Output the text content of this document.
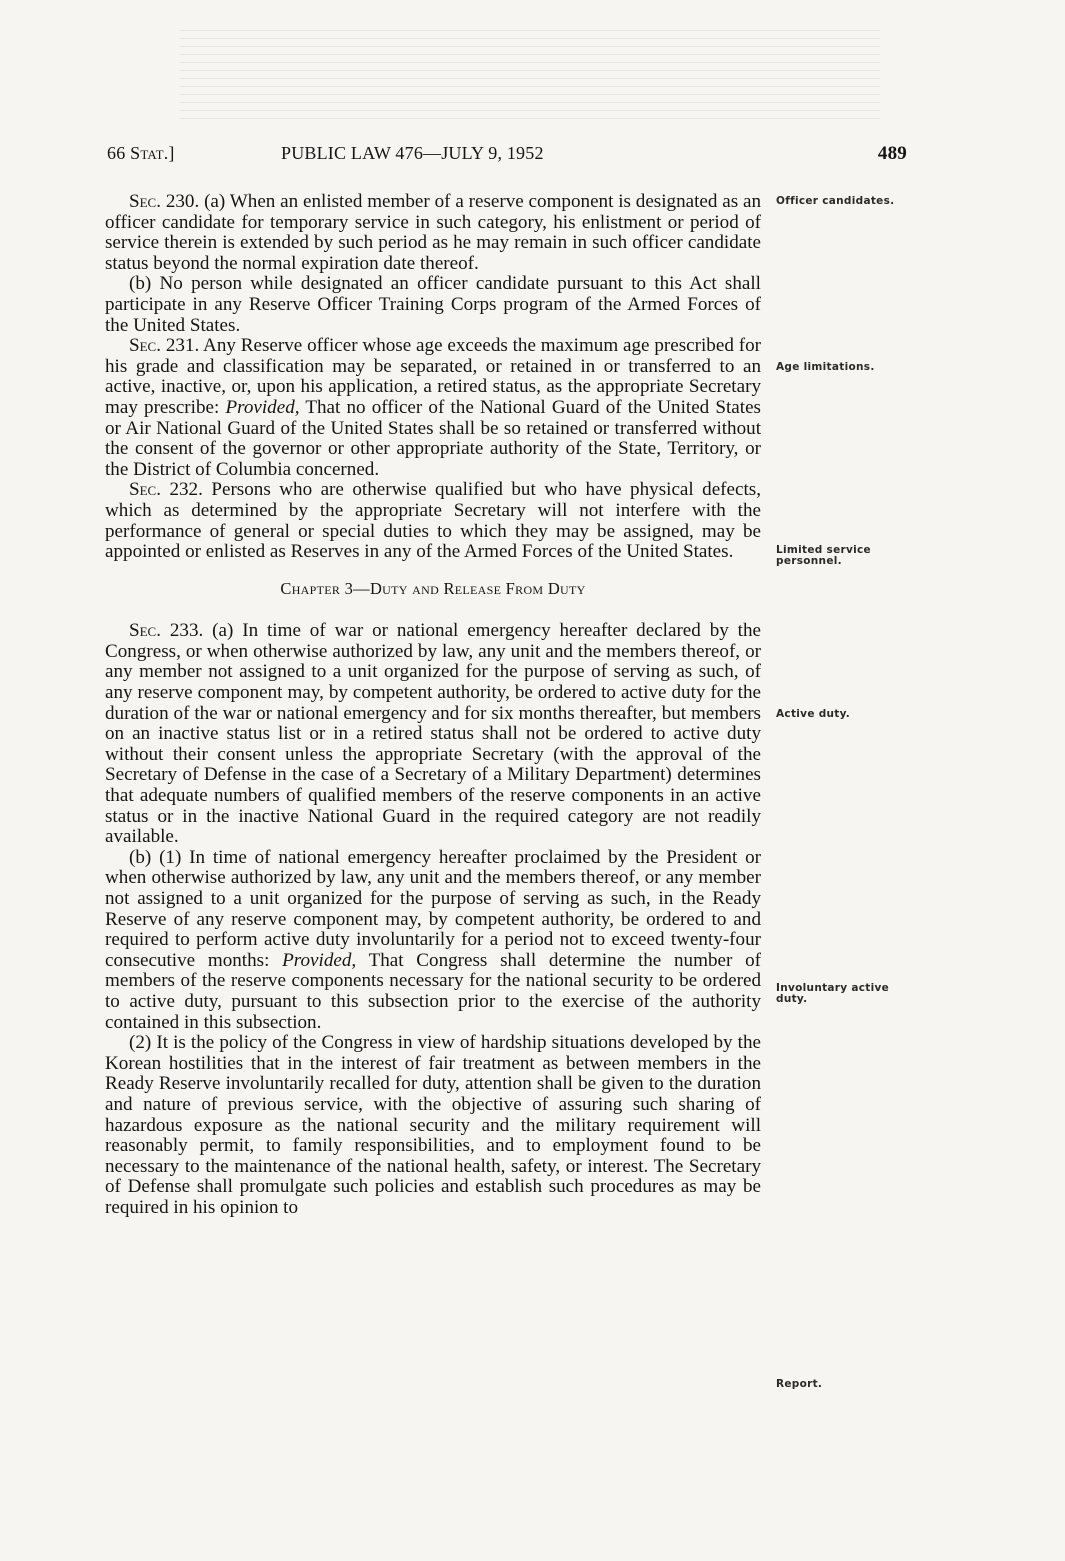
66 Stat.]	PUBLIC LAW 476—JULY 9, 1952	489
Officer candidates.
Age limitations.
Limited service personnel.
Active duty.
Involuntary active duty.
Report.

Sec. 230. (a) When an enlisted member of a reserve component is designated as an officer candidate for temporary service in such category, his enlistment or period of service therein is extended by such period as he may remain in such officer candidate status beyond the normal expiration date thereof.

(b) No person while designated an officer candidate pursuant to this Act shall participate in any Reserve Officer Training Corps program of the Armed Forces of the United States.

Sec. 231. Any Reserve officer whose age exceeds the maximum age prescribed for his grade and classification may be separated, or retained in or transferred to an active, inactive, or, upon his application, a retired status, as the appropriate Secretary may prescribe: Provided, That no officer of the National Guard of the United States or Air National Guard of the United States shall be so retained or transferred without the consent of the governor or other appropriate authority of the State, Territory, or the District of Columbia concerned.

Sec. 232. Persons who are otherwise qualified but who have physical defects, which as determined by the appropriate Secretary will not interfere with the performance of general or special duties to which they may be assigned, may be appointed or enlisted as Reserves in any of the Armed Forces of the United States.

Chapter 3—Duty and Release From Duty

Sec. 233. (a) In time of war or national emergency hereafter declared by the Congress, or when otherwise authorized by law, any unit and the members thereof, or any member not assigned to a unit organized for the purpose of serving as such, of any reserve component may, by competent authority, be ordered to active duty for the duration of the war or national emergency and for six months thereafter, but members on an inactive status list or in a retired status shall not be ordered to active duty without their consent unless the appropriate Secretary (with the approval of the Secretary of Defense in the case of a Secretary of a Military Department) determines that adequate numbers of qualified members of the reserve components in an active status or in the inactive National Guard in the required category are not readily available.

(b) (1) In time of national emergency hereafter proclaimed by the President or when otherwise authorized by law, any unit and the members thereof, or any member not assigned to a unit organized for the purpose of serving as such, in the Ready Reserve of any reserve component may, by competent authority, be ordered to and required to perform active duty involuntarily for a period not to exceed twenty-four consecutive months: Provided, That Congress shall determine the number of members of the reserve components necessary for the national security to be ordered to active duty, pursuant to this subsection prior to the exercise of the authority contained in this subsection.

(2) It is the policy of the Congress in view of hardship situations developed by the Korean hostilities that in the interest of fair treatment as between members in the Ready Reserve involuntarily recalled for duty, attention shall be given to the duration and nature of previous service, with the objective of assuring such sharing of hazardous exposure as the national security and the military requirement will reasonably permit, to family responsibilities, and to employment found to be necessary to the maintenance of the national health, safety, or interest. The Secretary of Defense shall promulgate such policies and establish such procedures as may be required in his opinion to
